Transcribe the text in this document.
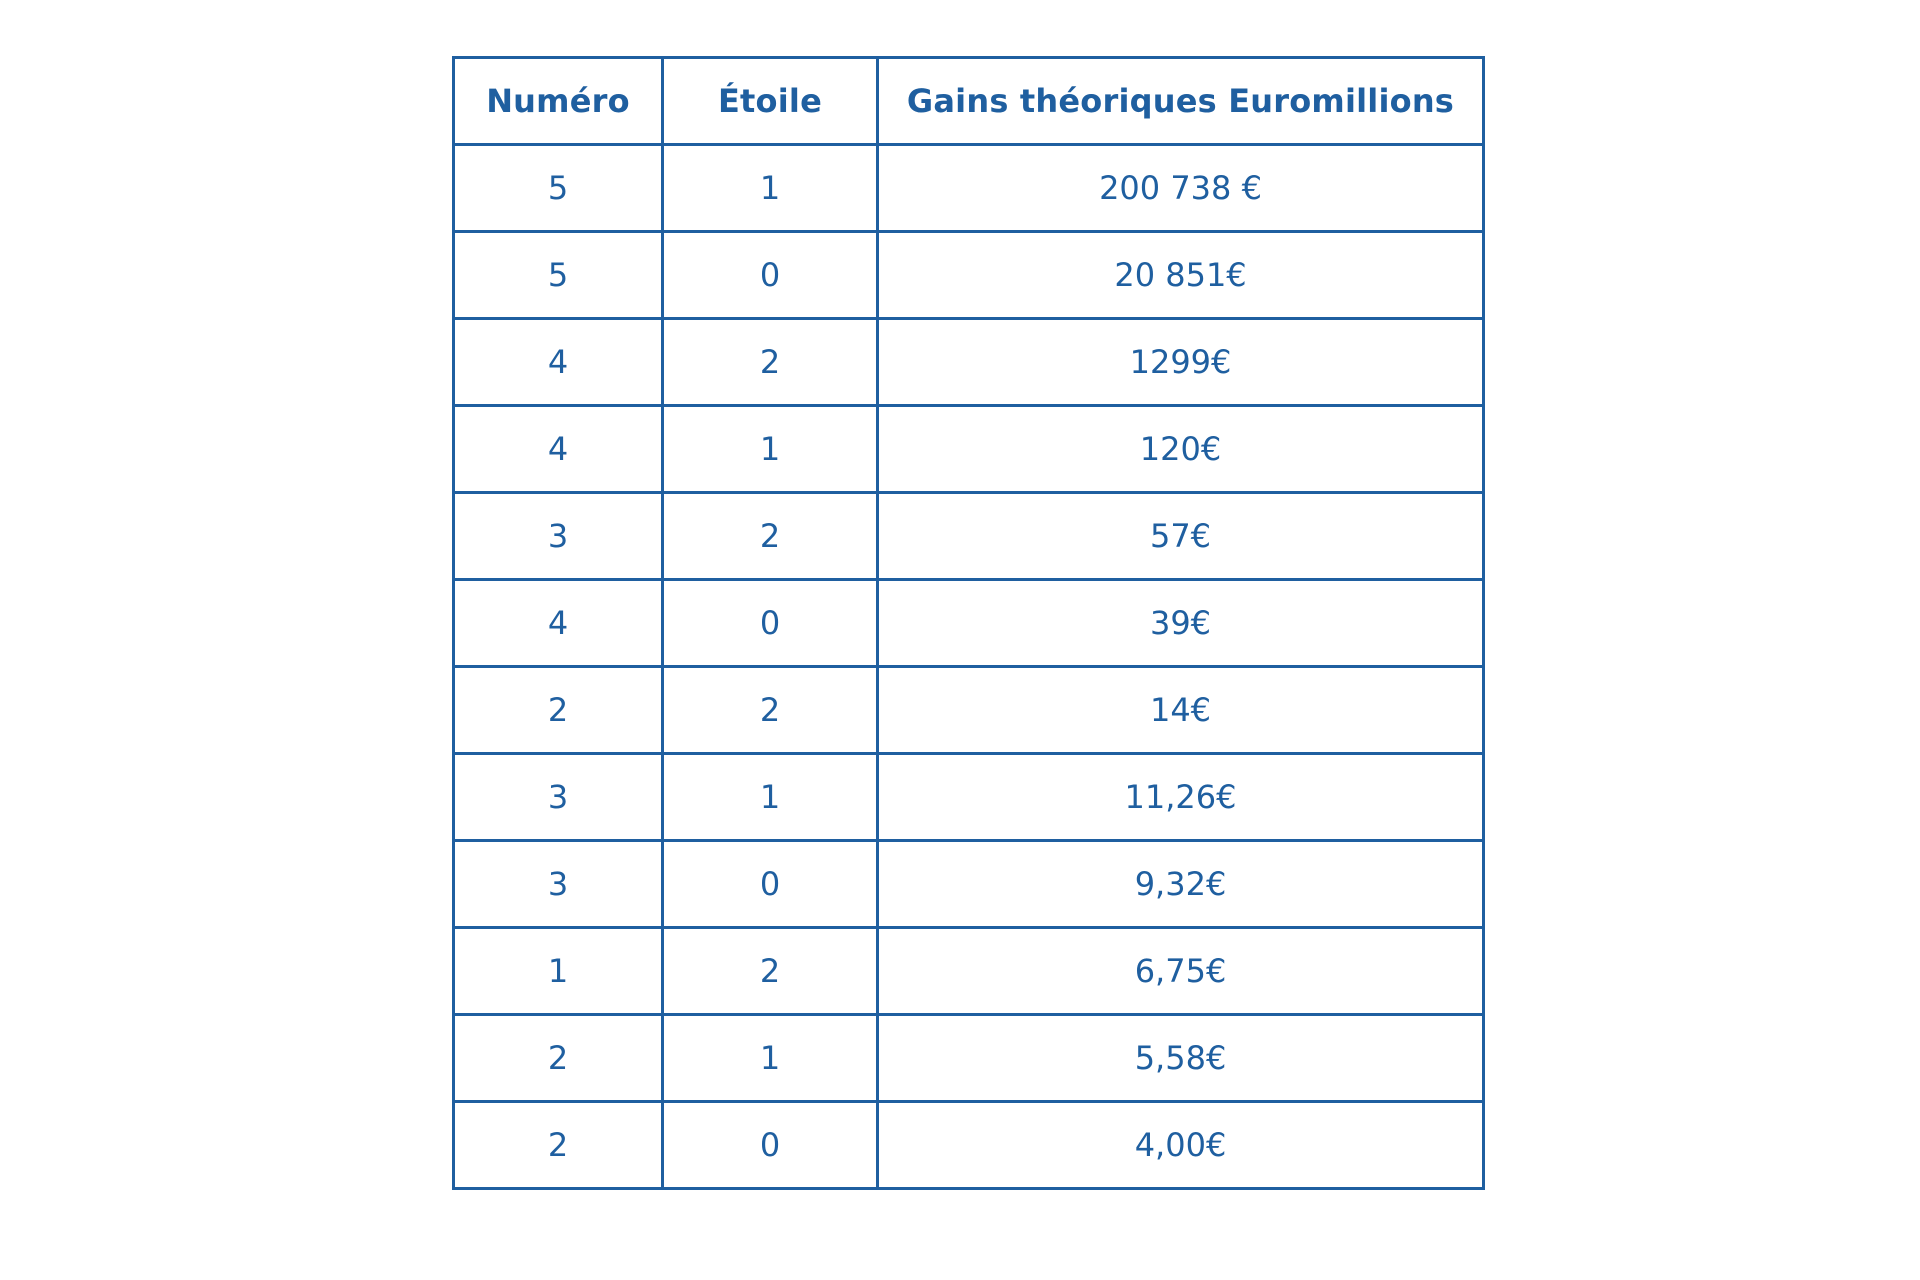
Numéro	Étoile	Gains théoriques Euromillions
5	1	200 738 €
5	0	20 851€
4	2	1299€
4	1	120€
3	2	57€
4	0	39€
2	2	14€
3	1	11,26€
3	0	9,32€
1	2	6,75€
2	1	5,58€
2	0	4,00€
